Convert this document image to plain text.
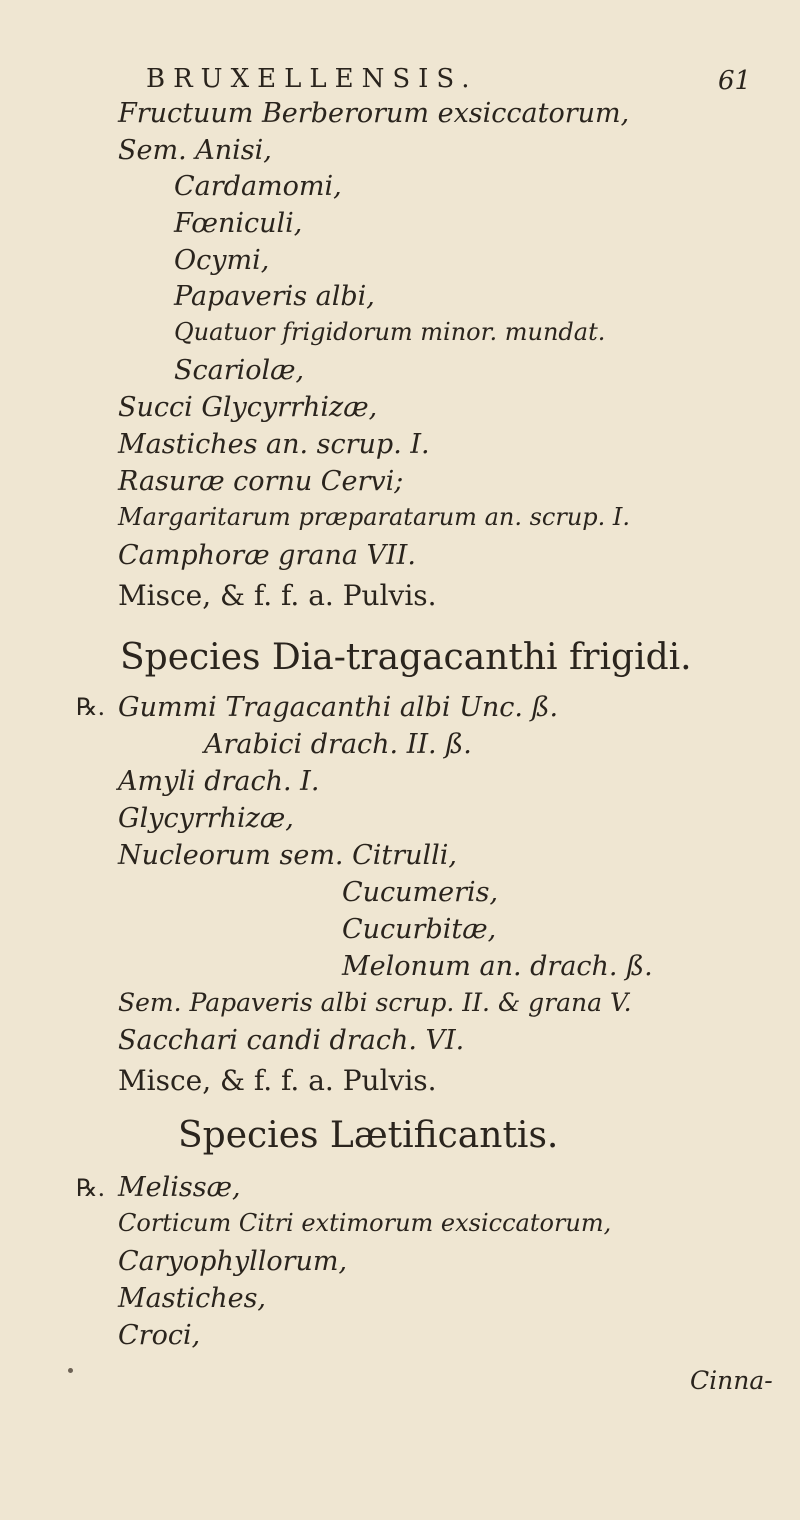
BRUXELLENSIS.	61
Fructuum Berberorum exsiccatorum,
Sem. Anisi,
Cardamomi,
Fœniculi,
Ocymi,
Papaveris albi,
Quatuor frigidorum minor. mundat.
Scariolæ,
Succi Glycyrrhizæ,
Mastiches an. scrup. I.
Rasuræ cornu Cervi;
Margaritarum præparatarum an. scrup. I.
Camphoræ grana VII.
Misce, & f. f. a. Pulvis.
Species Dia-tragacanthi frigidi.
℞. Gummi Tragacanthi albi Unc. ß.
Arabici drach. II. ß.
Amyli drach. I.
Glycyrrhizæ,
Nucleorum sem. Citrulli,
Cucumeris,
Cucurbitæ,
Melonum an. drach. ß.
Sem. Papaveris albi scrup. II. & grana V.
Sacchari candi drach. VI.
Misce, & f. f. a. Pulvis.
Species Lætificantis.
℞. Melissæ,
Corticum Citri extimorum exsiccatorum,
Caryophyllorum,
Mastiches,
Croci,
Cinna-
